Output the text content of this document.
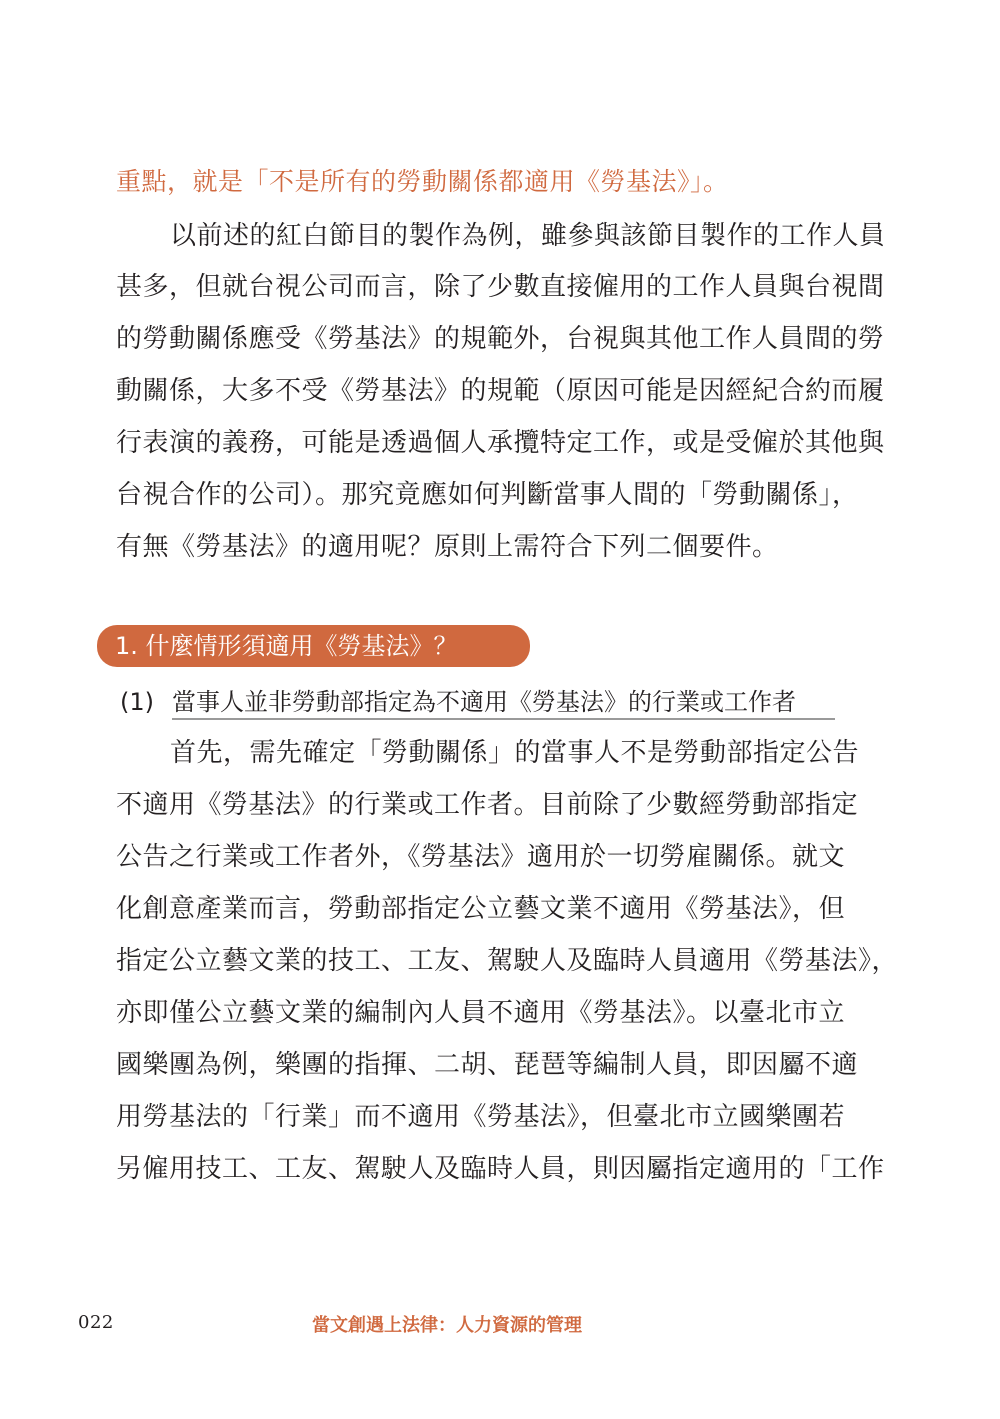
重點，就是「不是所有的勞動關係都適用《勞基法》」。
以前述的紅白節目的製作為例，雖參與該節目製作的工作人員
甚多，但就台視公司而言，除了少數直接僱用的工作人員與台視間
的勞動關係應受《勞基法》的規範外，台視與其他工作人員間的勞
動關係，大多不受《勞基法》的規範（原因可能是因經紀合約而履
行表演的義務，可能是透過個人承攬特定工作，或是受僱於其他與
台視合作的公司）。那究竟應如何判斷當事人間的「勞動關係」，
有無《勞基法》的適用呢？原則上需符合下列二個要件。
1. 什麼情形須適用《勞基法》？
(1) 當事人並非勞動部指定為不適用《勞基法》的行業或工作者
首先，需先確定「勞動關係」的當事人不是勞動部指定公告
不適用《勞基法》的行業或工作者。目前除了少數經勞動部指定
公告之行業或工作者外，《勞基法》適用於一切勞雇關係。就文
化創意產業而言，勞動部指定公立藝文業不適用《勞基法》，但
指定公立藝文業的技工、工友、駕駛人及臨時人員適用《勞基法》，
亦即僅公立藝文業的編制內人員不適用《勞基法》。以臺北市立
國樂團為例，樂團的指揮、二胡、琵琶等編制人員，即因屬不適
用勞基法的「行業」而不適用《勞基法》，但臺北市立國樂團若
另僱用技工、工友、駕駛人及臨時人員，則因屬指定適用的「工作
022	當文創遇上法律：人力資源的管理
